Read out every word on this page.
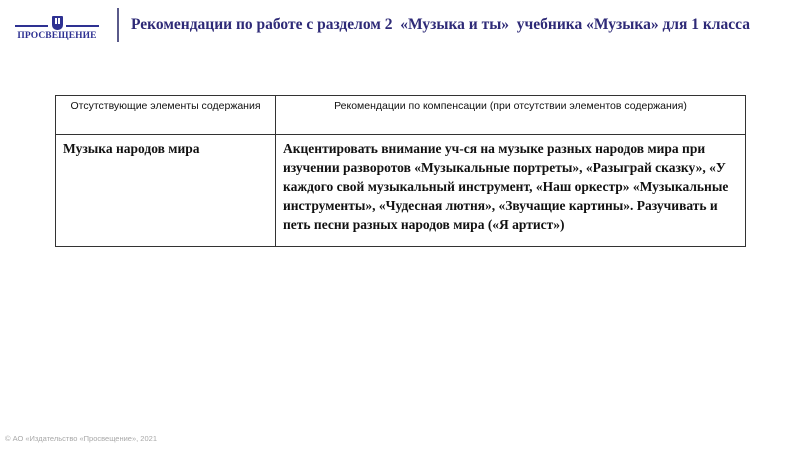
ПРОСВЕЩЕНИЕ
Рекомендации по работе с разделом 2  «Музыка и ты»  учебника «Музыка» для 1 класса
Отсутствующие элементы содержания	Рекомендации по компенсации (при отсутствии элементов содержания)
Музыка народов мира	Акцентировать внимание уч-ся на музыке разных народов мира при изучении разворотов «Музыкальные портреты», «Разыграй сказку», «У каждого свой музыкальный инструмент, «Наш оркестр» «Музыкальные инструменты», «Чудесная лютня», «Звучащие картины». Разучивать и петь песни разных народов мира («Я артист»)
© АО «Издательство «Просвещение», 2021
